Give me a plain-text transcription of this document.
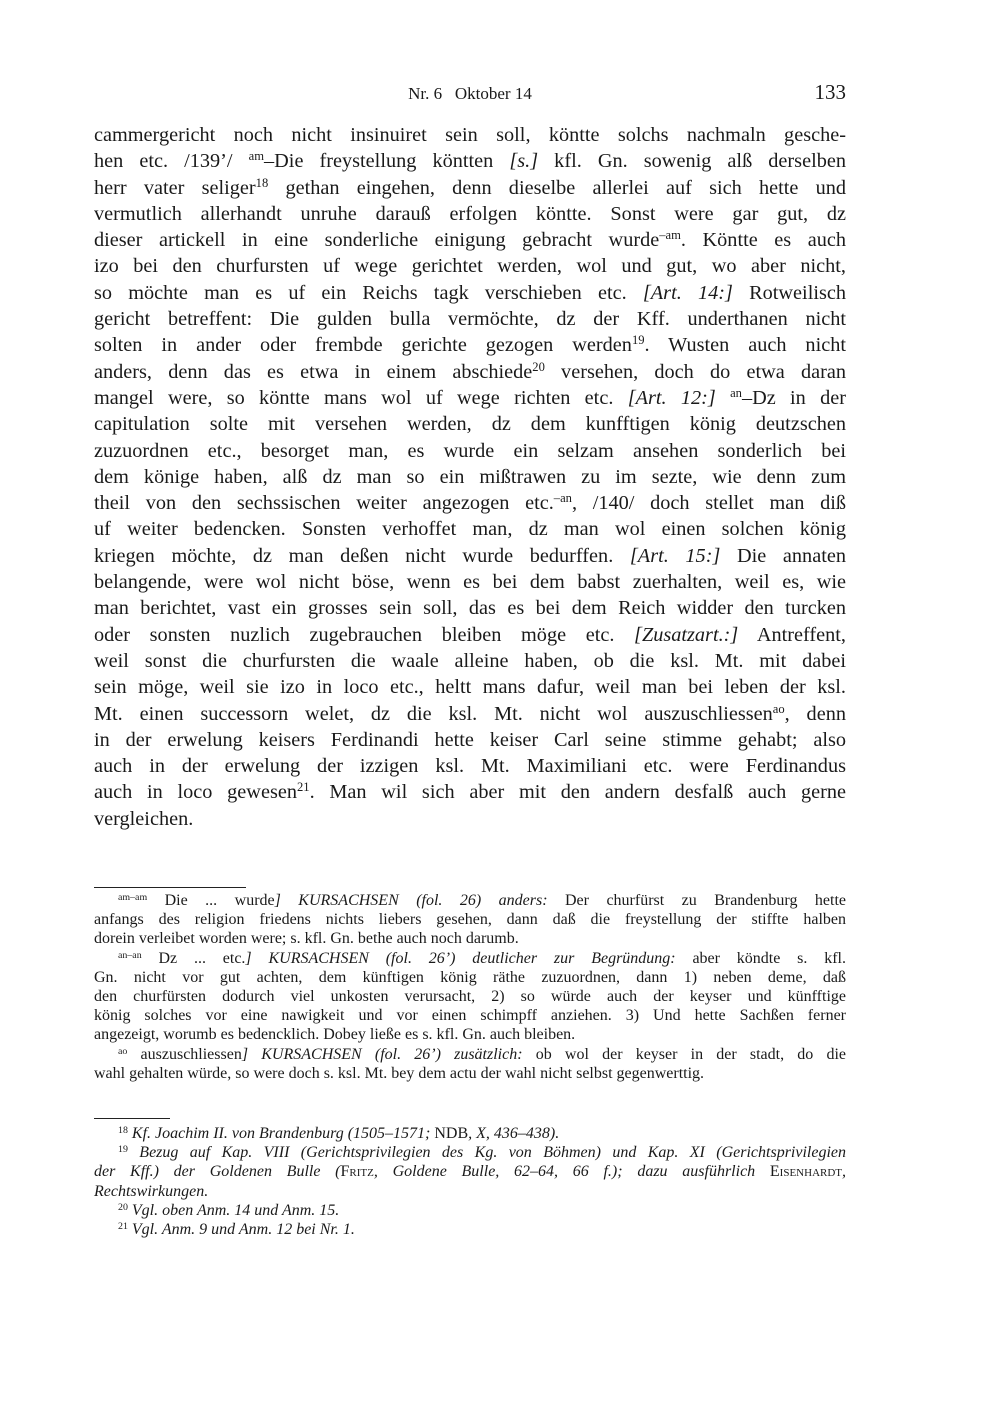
Nr. 6   Oktober 14	133
cammergericht noch nicht insinuiret sein soll, köntte solchs nachmaln gesche-
hen etc. /139’/ $^{am}$–Die freystellung köntten [s.] kfl. Gn. sowenig alß derselben
herr vater seliger$^{18}$ gethan eingehen, denn dieselbe allerlei auf sich hette und
vermutlich allerhandt unruhe darauß erfolgen köntte. Sonst were gar gut, dz
dieser artickell in eine sonderliche einigung gebracht wurde$^{-am}$. Köntte es auch
izo bei den churfursten uf wege gerichtet werden, wol und gut, wo aber nicht,
so möchte man es uf ein Reichs tagk verschieben etc. [Art. 14:] Rotweilisch
gericht betreffent: Die gulden bulla vermöchte, dz der Kff. underthanen nicht
solten in ander oder frembde gerichte gezogen werden$^{19}$. Wusten auch nicht
anders, denn das es etwa in einem abschiede$^{20}$ versehen, doch do etwa daran
mangel were, so köntte mans wol uf wege richten etc. [Art. 12:] $^{an}$–Dz in der
capitulation solte mit versehen werden, dz dem kunfftigen könig deutzschen
zuzuordnen etc., besorget man, es wurde ein selzam ansehen sonderlich bei
dem könige haben, alß dz man so ein mißtrawen zu im sezte, wie denn zum
theil von den sechssischen weiter angezogen etc.$^{-an}$, /140/ doch stellet man diß
uf weiter bedencken. Sonsten verhoffet man, dz man wol einen solchen könig
kriegen möchte, dz man deßen nicht wurde bedurffen. [Art. 15:] Die annaten
belangende, were wol nicht böse, wenn es bei dem babst zuerhalten, weil es, wie
man berichtet, vast ein grosses sein soll, das es bei dem Reich widder den turcken
oder sonsten nuzlich zugebrauchen bleiben möge etc. [Zusatzart.:] Antreffent,
weil sonst die churfursten die waale alleine haben, ob die ksl. Mt. mit dabei
sein möge, weil sie izo in loco etc., heltt mans dafur, weil man bei leben der ksl.
Mt. einen successorn welet, dz die ksl. Mt. nicht wol auszuschliessen$^{ao}$, denn
in der erwelung keisers Ferdinandi hette keiser Carl seine stimme gehabt; also
auch in der erwelung der izzigen ksl. Mt. Maximiliani etc. were Ferdinandus
auch in loco gewesen$^{21}$. Man wil sich aber mit den andern desfalß auch gerne
vergleichen.
$^{am-am}$ Die ... wurde] KURSACHSEN (fol. 26) anders: Der churfürst zu Brandenburg hette
anfangs des religion friedens nichts liebers gesehen, dann daß die freystellung der stiffte halben
dorein verleibet worden were; s. kfl. Gn. bethe auch noch darumb.
$^{an-an}$ Dz ... etc.] KURSACHSEN (fol. 26’) deutlicher zur Begründung: aber köndte s. kfl.
Gn. nicht vor gut achten, dem künftigen könig räthe zuzuordnen, dann 1) neben deme, daß
den churfürsten dodurch viel unkosten verursacht, 2) so würde auch der keyser und künfftige
könig solches vor eine nawigkeit und vor einen schimpff anziehen. 3) Und hette Sachßen ferner
angezeigt, worumb es bedencklich. Dobey ließe es s. kfl. Gn. auch bleiben.
$^{ao}$ auszuschliessen] KURSACHSEN (fol. 26’) zusätzlich: ob wol der keyser in der stadt, do die
wahl gehalten würde, so were doch s. ksl. Mt. bey dem actu der wahl nicht selbst gegenwerttig.
$^{18}$ Kf. Joachim II. von Brandenburg (1505–1571; NDB, X, 436–438).
$^{19}$ Bezug auf Kap. VIII (Gerichtsprivilegien des Kg. von Böhmen) und Kap. XI (Gerichtsprivilegien
der Kff.) der Goldenen Bulle (Fritz, Goldene Bulle, 62–64, 66 f.); dazu ausführlich Eisenhardt,
Rechtswirkungen.
$^{20}$ Vgl. oben Anm. 14 und Anm. 15.
$^{21}$ Vgl. Anm. 9 und Anm. 12 bei Nr. 1.
